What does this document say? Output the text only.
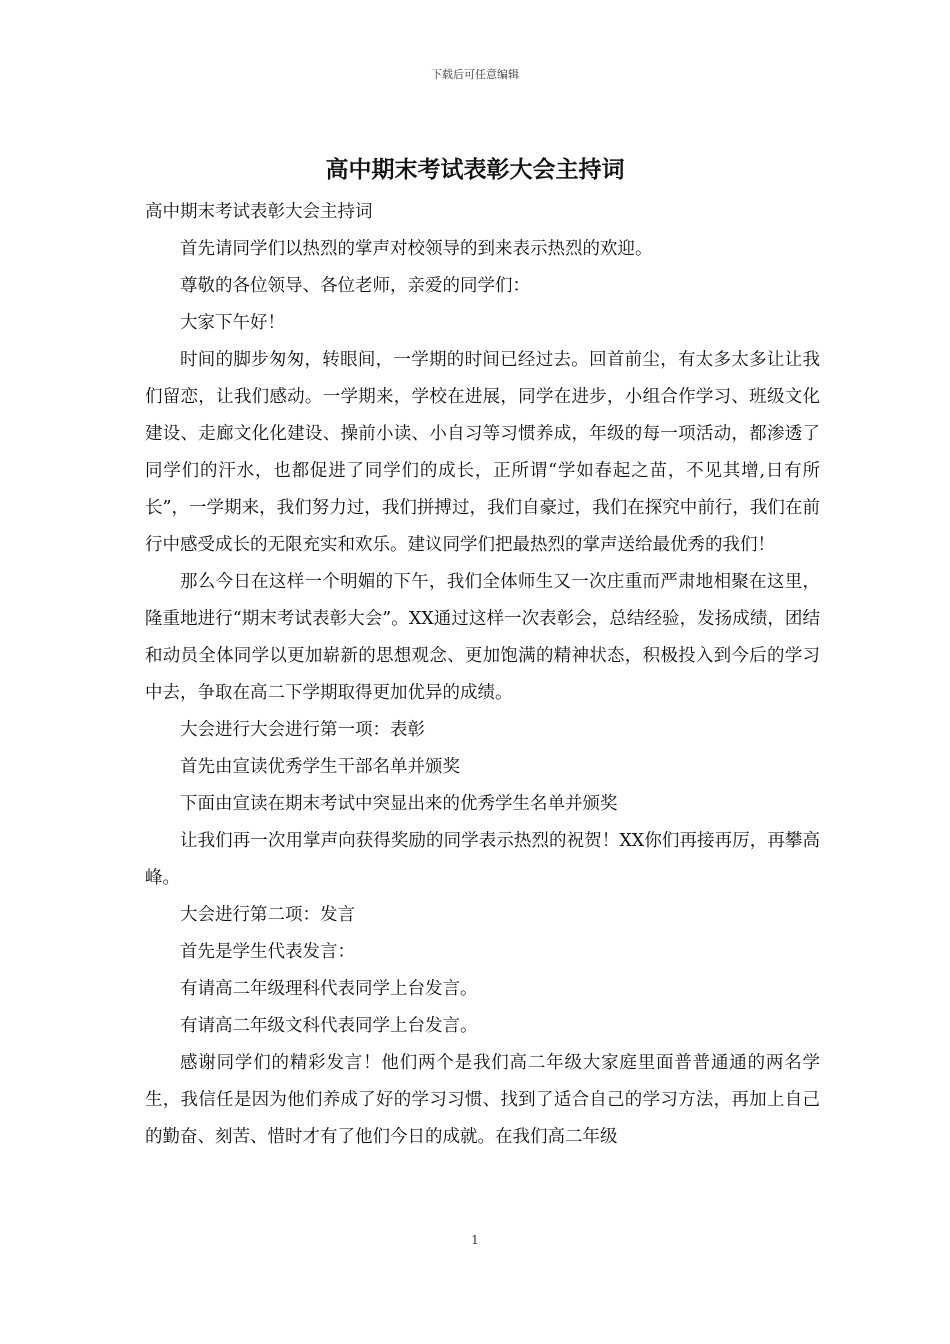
下载后可任意编辑
高中期末考试表彰大会主持词

高中期末考试表彰大会主持词

首先请同学们以热烈的掌声对校领导的到来表示热烈的欢迎。

尊敬的各位领导、各位老师，亲爱的同学们：

大家下午好！

时间的脚步匆匆，转眼间，一学期的时间已经过去。回首前尘，有太多太多让让我们留恋，让我们感动。一学期来，学校在进展，同学在进步，小组合作学习、班级文化建设、走廊文化化建设、操前小读、小自习等习惯养成，年级的每一项活动，都渗透了同学们的汗水，也都促进了同学们的成长，正所谓“学如春起之苗，不见其增,日有所长”，一学期来，我们努力过，我们拼搏过，我们自豪过，我们在探究中前行，我们在前行中感受成长的无限充实和欢乐。建议同学们把最热烈的掌声送给最优秀的我们！

那么今日在这样一个明媚的下午，我们全体师生又一次庄重而严肃地相聚在这里，隆重地进行“期末考试表彰大会”。XX通过这样一次表彰会，总结经验，发扬成绩，团结和动员全体同学以更加崭新的思想观念、更加饱满的精神状态，积极投入到今后的学习中去，争取在高二下学期取得更加优异的成绩。

大会进行大会进行第一项：表彰

首先由宣读优秀学生干部名单并颁奖

下面由宣读在期末考试中突显出来的优秀学生名单并颁奖

让我们再一次用掌声向获得奖励的同学表示热烈的祝贺！XX你们再接再厉，再攀高峰。

大会进行第二项：发言

首先是学生代表发言：

有请高二年级理科代表同学上台发言。

有请高二年级文科代表同学上台发言。

感谢同学们的精彩发言！他们两个是我们高二年级大家庭里面普普通通的两名学生，我信任是因为他们养成了好的学习习惯、找到了适合自己的学习方法，再加上自己的勤奋、刻苦、惜时才有了他们今日的成就。在我们高二年级

1
